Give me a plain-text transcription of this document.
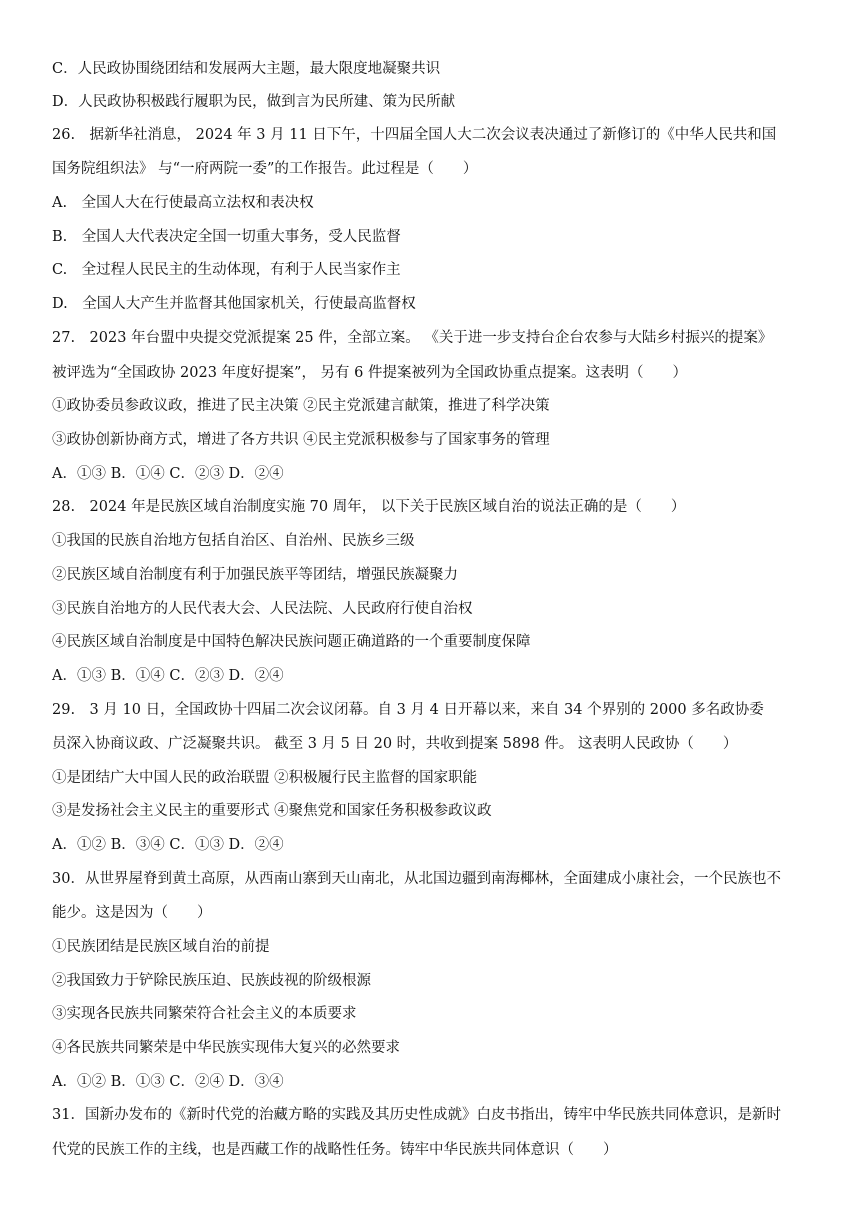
C．人民政协围绕团结和发展两大主题，最大限度地凝聚共识
D．人民政协积极践行履职为民，做到言为民所建、策为民所献
26.　据新华社消息， 2024 年 3 月 11 日下午，十四届全国人大二次会议表决通过了新修订的《中华人民共和国
国务院组织法》 与“一府两院一委”的工作报告。此过程是（　　）
A.　全国人大在行使最高立法权和表决权
B.　全国人大代表决定全国一切重大事务，受人民监督
C.　全过程人民民主的生动体现，有利于人民当家作主
D.　全国人大产生并监督其他国家机关，行使最高监督权
27.　2023 年台盟中央提交党派提案 25 件，全部立案。 《关于进一步支持台企台农参与大陆乡村振兴的提案》
被评选为“全国政协 2023 年度好提案”， 另有 6 件提案被列为全国政协重点提案。这表明（　　）
①政协委员参政议政，推进了民主决策 ②民主党派建言献策，推进了科学决策
③政协创新协商方式，增进了各方共识 ④民主党派积极参与了国家事务的管理
A．①③ B．①④ C．②③ D．②④
28.　2024 年是民族区域自治制度实施 70 周年， 以下关于民族区域自治的说法正确的是（　　）
①我国的民族自治地方包括自治区、自治州、民族乡三级
②民族区域自治制度有利于加强民族平等团结，增强民族凝聚力
③民族自治地方的人民代表大会、人民法院、人民政府行使自治权
④民族区域自治制度是中国特色解决民族问题正确道路的一个重要制度保障
A．①③ B．①④ C．②③ D．②④
29.　3 月 10 日，全国政协十四届二次会议闭幕。自 3 月 4 日开幕以来，来自 34 个界别的 2000 多名政协委
员深入协商议政、广泛凝聚共识。 截至 3 月 5 日 20 时，共收到提案 5898 件。 这表明人民政协（　　）
①是团结广大中国人民的政治联盟 ②积极履行民主监督的国家职能
③是发扬社会主义民主的重要形式 ④聚焦党和国家任务积极参政议政
A．①② B．③④ C．①③ D．②④
30．从世界屋脊到黄土高原，从西南山寨到天山南北，从北国边疆到南海椰林，全面建成小康社会，一个民族也不
能少。这是因为（　　）
①民族团结是民族区域自治的前提
②我国致力于铲除民族压迫、民族歧视的阶级根源
③实现各民族共同繁荣符合社会主义的本质要求
④各民族共同繁荣是中华民族实现伟大复兴的必然要求
A．①② B．①③ C．②④ D．③④
31．国新办发布的《新时代党的治藏方略的实践及其历史性成就》白皮书指出，铸牢中华民族共同体意识，是新时
代党的民族工作的主线，也是西藏工作的战略性任务。铸牢中华民族共同体意识（　　）
